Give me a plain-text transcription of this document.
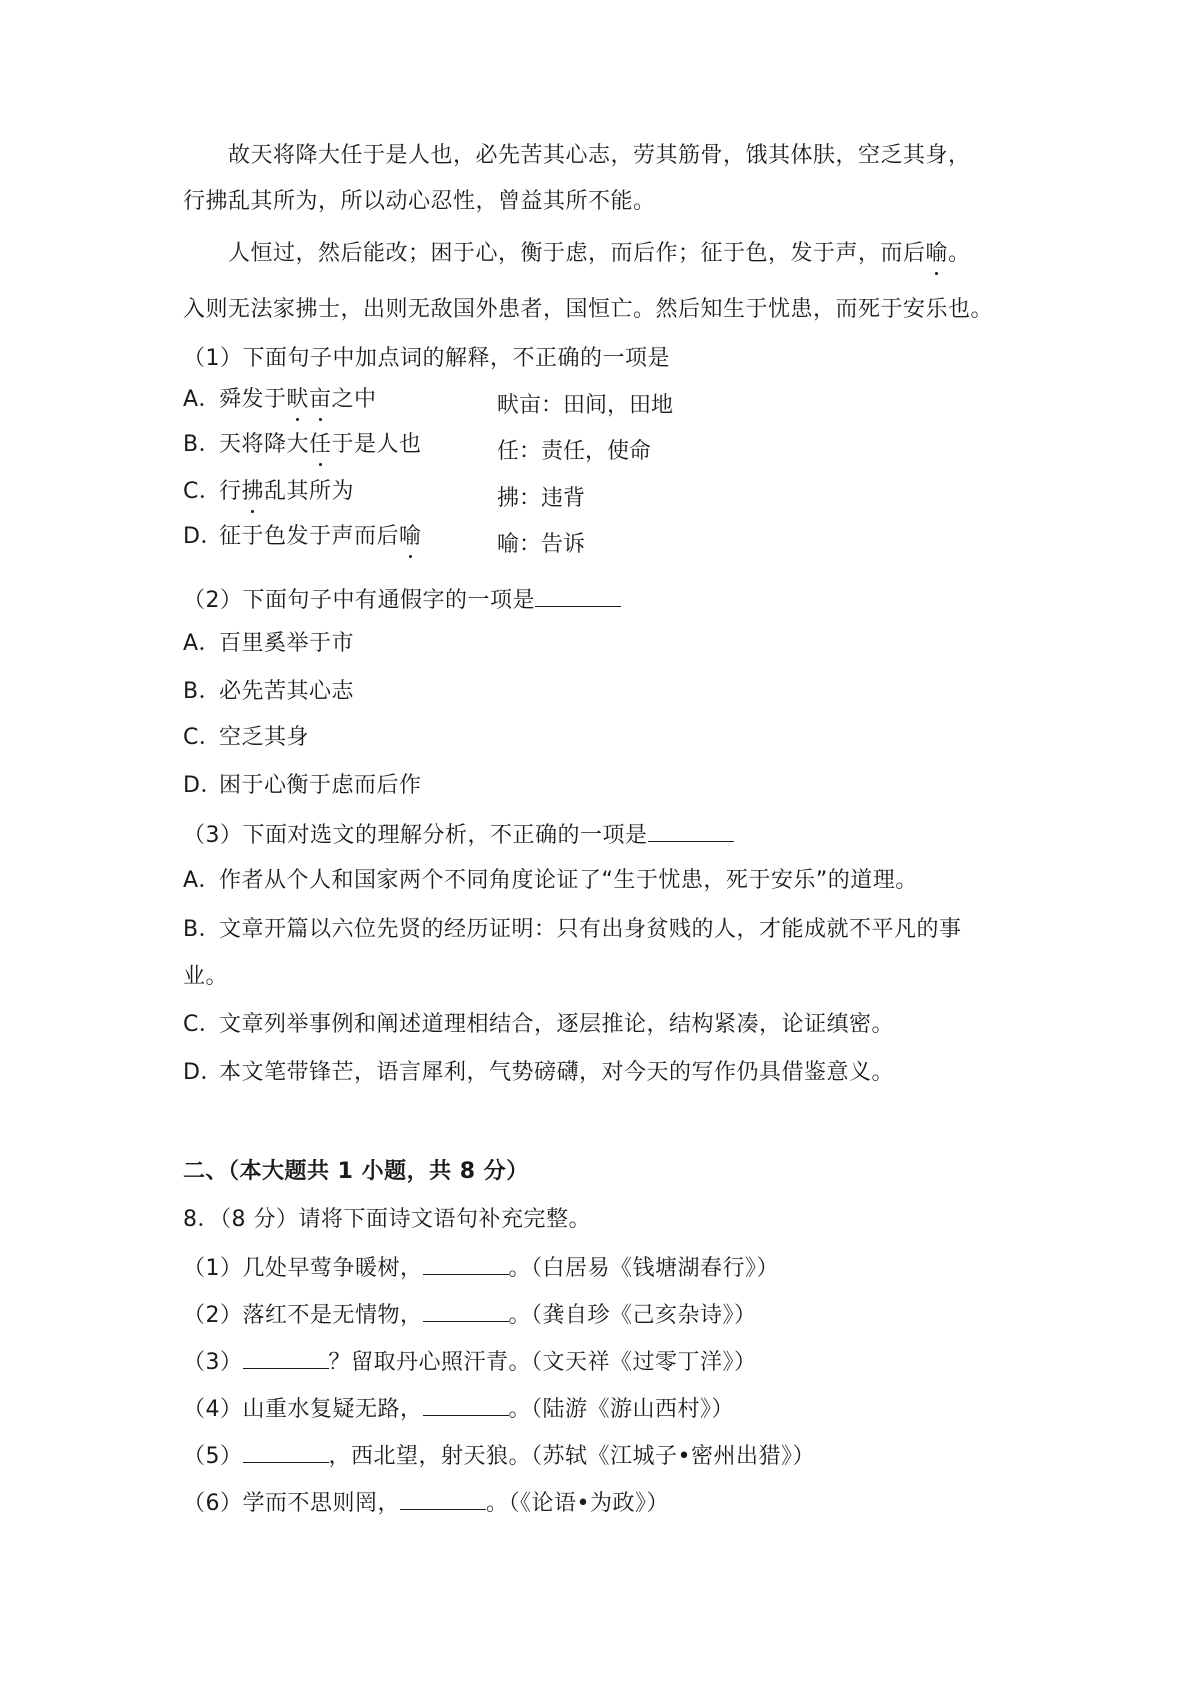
故天将降大任于是人也，必先苦其心志，劳其筋骨，饿其体肤，空乏其身，
行拂乱其所为，所以动心忍性，曾益其所不能。
人恒过，然后能改；困于心，衡于虑，而后作；征于色，发于声，而后喻。
入则无法家拂士，出则无敌国外患者，国恒亡。然后知生于忧患，而死于安乐也。
（1）下面句子中加点词的解释，不正确的一项是
A．舜发于畎亩之中	畎亩：田间，田地
B．天将降大任于是人也	任：责任，使命
C．行拂乱其所为	拂：违背
D．征于色发于声而后喻	喻：告诉
（2）下面句子中有通假字的一项是
A．百里奚举于市
B．必先苦其心志
C．空乏其身
D．困于心衡于虑而后作
（3）下面对选文的理解分析，不正确的一项是
A．作者从个人和国家两个不同角度论证了“生于忧患，死于安乐”的道理。
B．文章开篇以六位先贤的经历证明：只有出身贫贱的人，才能成就不平凡的事
业。
C．文章列举事例和阐述道理相结合，逐层推论，结构紧凑，论证缜密。
D．本文笔带锋芒，语言犀利，气势磅礴，对今天的写作仍具借鉴意义。
二、（本大题共 1 小题，共 8 分）
8．（8 分）请将下面诗文语句补充完整。
（1）几处早莺争暖树，	。（白居易《钱塘湖春行》）
（2）落红不是无情物，	。（龚自珍《己亥杂诗》）
（3）	？留取丹心照汗青。（文天祥《过零丁洋》）
（4）山重水复疑无路，	。（陆游《游山西村》）
（5）	，西北望，射天狼。（苏轼《江城子•密州出猎》）
（6）学而不思则罔，	。（《论语•为政》）
